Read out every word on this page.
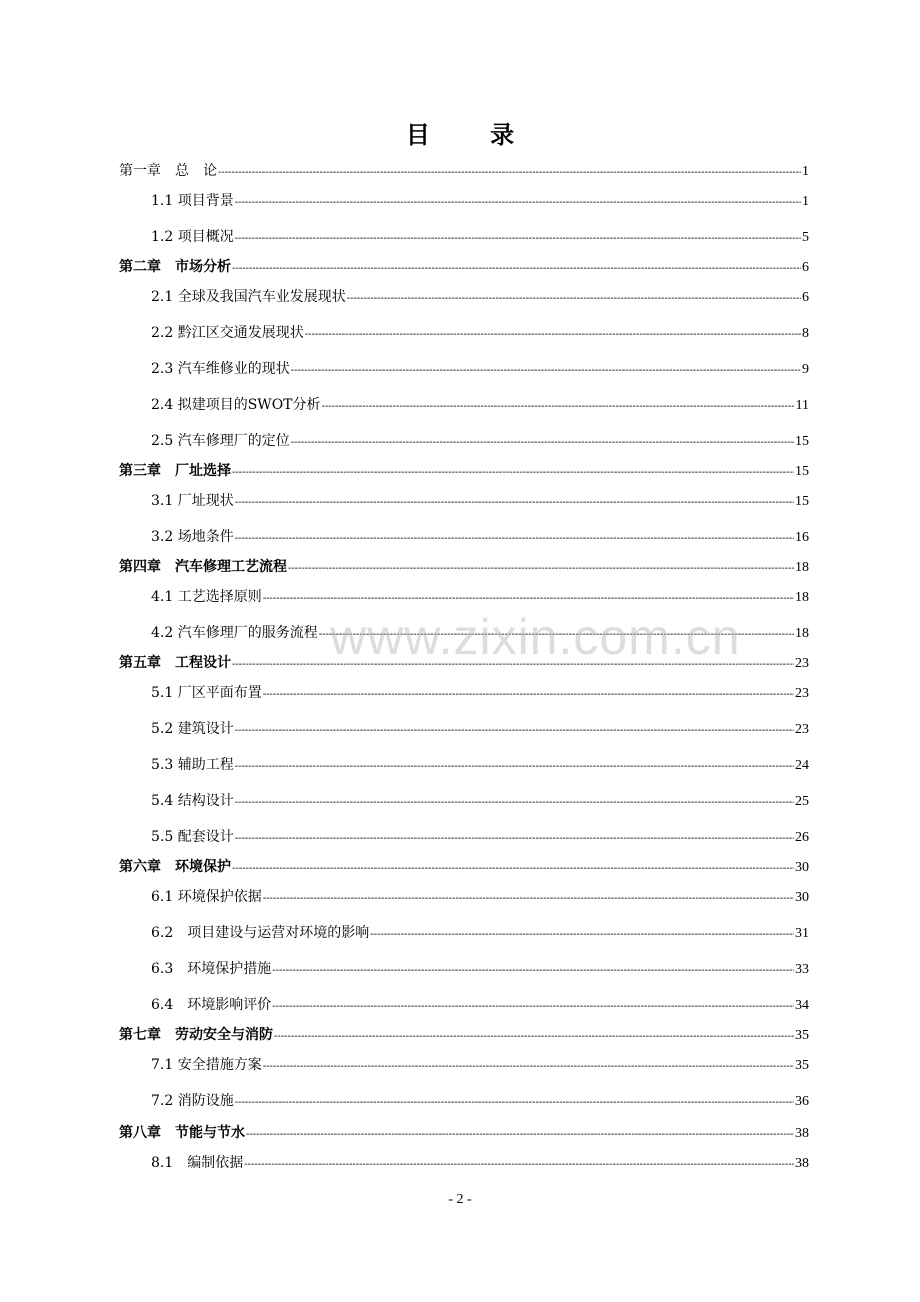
目 录
第一章　总　论 -----	1
1.1 项目背景 -----	1
1.2 项目概况 -----	5
第二章　市场分析 -----	6
2.1 全球及我国汽车业发展现状 -----	6
2.2 黔江区交通发展现状 -----	8
2.3 汽车维修业的现状 -----	9
2.4 拟建项目的SWOT分析 -----	11
2.5 汽车修理厂的定位 -----	15
第三章　厂址选择 -----	15
3.1 厂址现状 -----	15
3.2 场地条件 -----	16
第四章　汽车修理工艺流程 -----	18
4.1 工艺选择原则 -----	18
4.2 汽车修理厂的服务流程 -----	18
第五章　工程设计 -----	23
5.1 厂区平面布置 -----	23
5.2 建筑设计 -----	23
5.3 辅助工程 -----	24
5.4 结构设计 -----	25
5.5 配套设计 -----	26
第六章　环境保护 -----	30
6.1 环境保护依据 -----	30
6.2　项目建设与运营对环境的影响 -----	31
6.3　环境保护措施 -----	33
6.4　环境影响评价 -----	34
第七章　劳动安全与消防 -----	35
7.1 安全措施方案 -----	35
7.2 消防设施 -----	36
第八章　节能与节水 -----	38
8.1　编制依据 -----	38
www.zixin.com.cn
- 2 -
